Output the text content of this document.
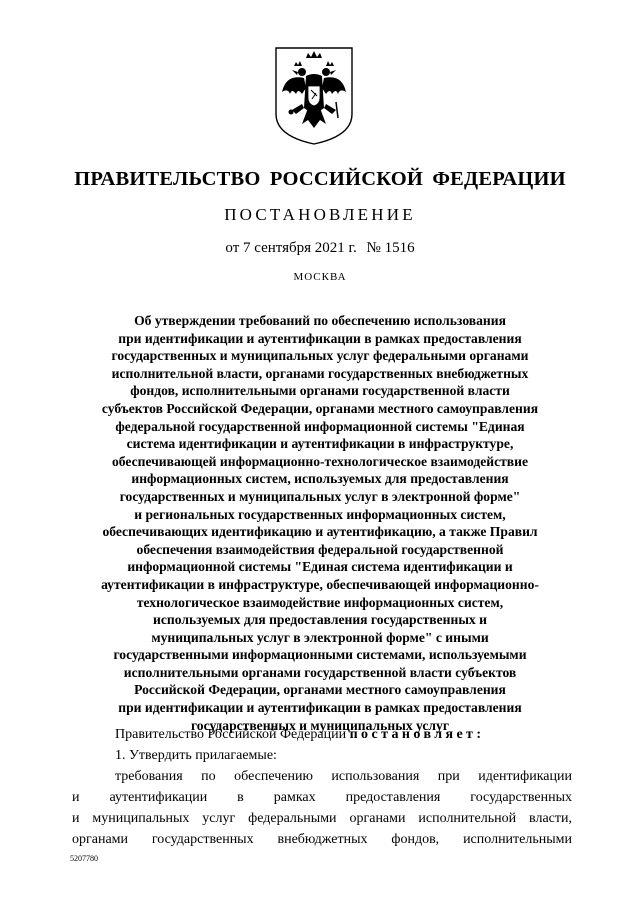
ПРАВИТЕЛЬСТВО РОССИЙСКОЙ ФЕДЕРАЦИИ
ПОСТАНОВЛЕНИЕ
от 7 сентября 2021 г. № 1516
МОСКВА
Об утверждении требований по обеспечению использования
при идентификации и аутентификации в рамках предоставления
государственных и муниципальных услуг федеральными органами
исполнительной власти, органами государственных внебюджетных
фондов, исполнительными органами государственной власти
субъектов Российской Федерации, органами местного самоуправления
федеральной государственной информационной системы "Единая
система идентификации и аутентификации в инфраструктуре,
обеспечивающей информационно-технологическое взаимодействие
информационных систем, используемых для предоставления
государственных и муниципальных услуг в электронной форме"
и региональных государственных информационных систем,
обеспечивающих идентификацию и аутентификацию, а также Правил
обеспечения взаимодействия федеральной государственной
информационной системы "Единая система идентификации и
аутентификации в инфраструктуре, обеспечивающей информационно-
технологическое взаимодействие информационных систем,
используемых для предоставления государственных и
муниципальных услуг в электронной форме" с иными
государственными информационными системами, используемыми
исполнительными органами государственной власти субъектов
Российской Федерации, органами местного самоуправления
при идентификации и аутентификации в рамках предоставления
государственных и муниципальных услуг
Правительство Российской Федерации постановляет:
1. Утвердить прилагаемые:
требования по обеспечению использования при идентификации
и аутентификации в рамках предоставления государственных
и муниципальных услуг федеральными органами исполнительной власти,
органами государственных внебюджетных фондов, исполнительными
5207780
